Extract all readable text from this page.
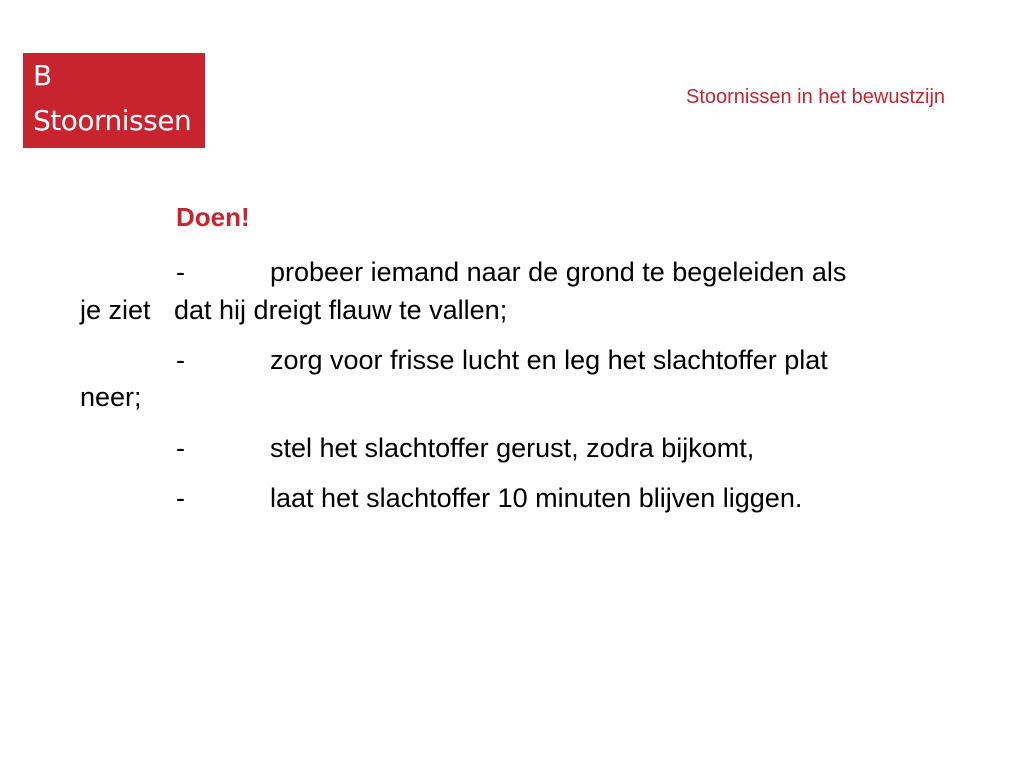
B
Stoornissen
Stoornissen in het bewustzijn
Doen!
-	probeer iemand naar de grond te begeleiden als
je ziet dat hij dreigt flauw te vallen;
-	zorg voor frisse lucht en leg het slachtoffer plat
neer;
-	stel het slachtoffer gerust, zodra bijkomt,
-	laat het slachtoffer 10 minuten blijven liggen.
